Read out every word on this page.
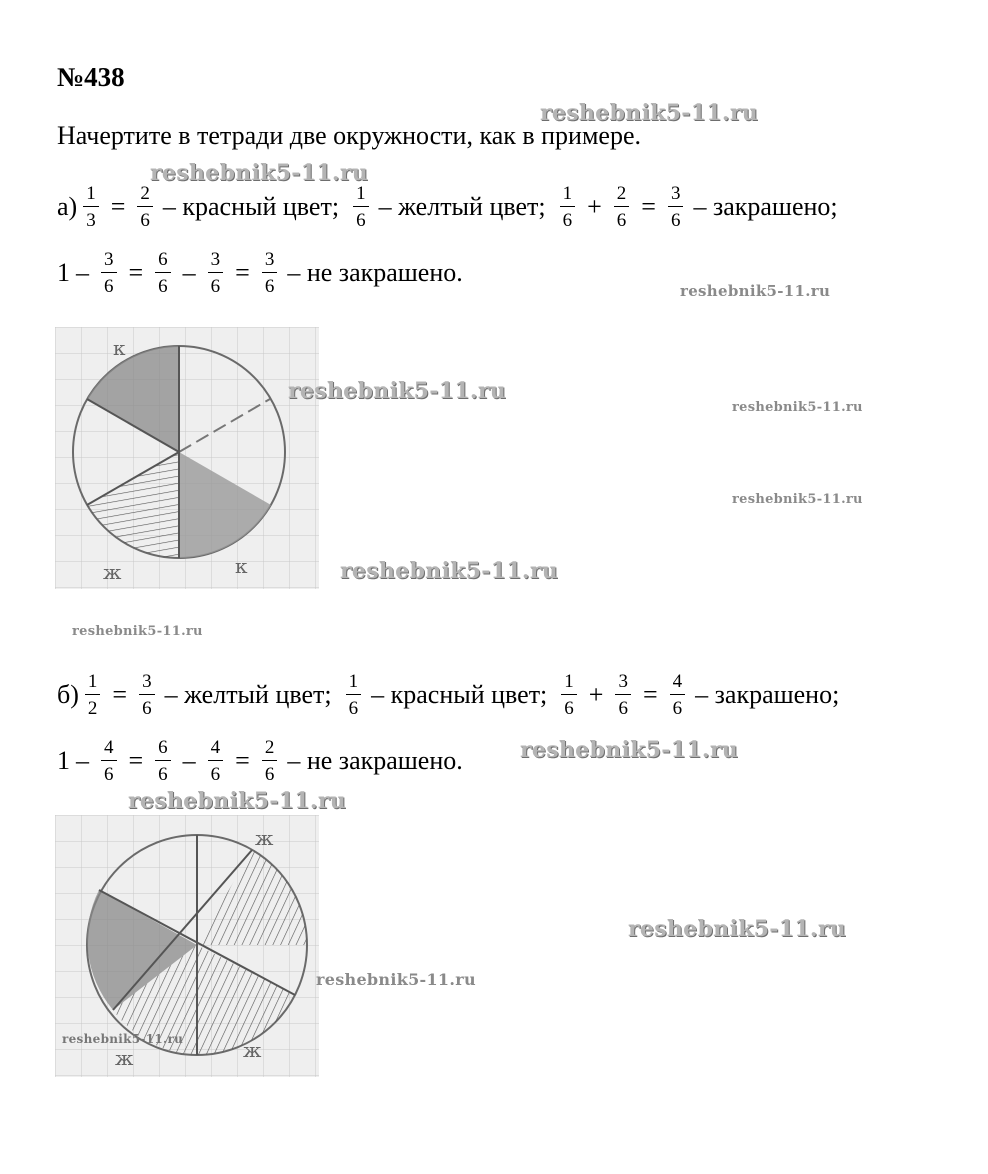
№438
Начертите в тетради две окружности, как в примере.
$а) \frac{1}{3} = \frac{2}{6}$ – красный цвет; $\frac{1}{6}$ – желтый цвет; $\frac{1}{6} + \frac{2}{6} = \frac{3}{6}$ – закрашено;
$1 - \frac{3}{6} = \frac{6}{6} - \frac{3}{6} = \frac{3}{6}$ – не закрашено.
к
ж	к
$б) \frac{1}{2} = \frac{3}{6}$ – желтый цвет; $\frac{1}{6}$ – красный цвет; $\frac{1}{6} + \frac{3}{6} = \frac{4}{6}$ – закрашено;
$1 - \frac{4}{6} = \frac{6}{6} - \frac{4}{6} = \frac{2}{6}$ – не закрашено.
ж
ж	ж
reshebnik5-11.ru
reshebnik5-11.ru
reshebnik5-11.ru
reshebnik5-11.ru
reshebnik5-11.ru
reshebnik5-11.ru
reshebnik5-11.ru
reshebnik5-11.ru
reshebnik5-11.ru
reshebnik5-11.ru
reshebnik5-11.ru
reshebnik5-11.ru
reshebnik5-11.ru
